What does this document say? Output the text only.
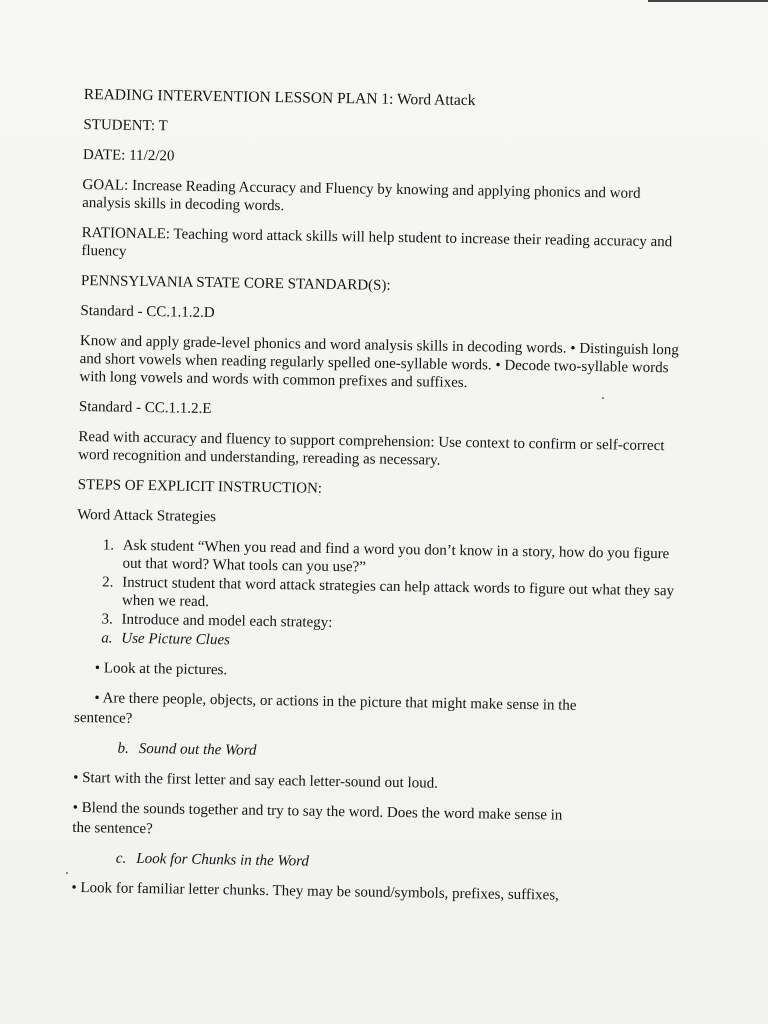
READING INTERVENTION LESSON PLAN 1: Word Attack

STUDENT: T

DATE: 11/2/20

GOAL: Increase Reading Accuracy and Fluency by knowing and applying phonics and word analysis skills in decoding words.

RATIONALE: Teaching word attack skills will help student to increase their reading accuracy and fluency

PENNSYLVANIA STATE CORE STANDARD(S):

Standard - CC.1.1.2.D

Know and apply grade-level phonics and word analysis skills in decoding words. • Distinguish long and short vowels when reading regularly spelled one-syllable words. • Decode two-syllable words with long vowels and words with common prefixes and suffixes.

Standard - CC.1.1.2.E

Read with accuracy and fluency to support comprehension: Use context to confirm or self-correct word recognition and understanding, rereading as necessary.

STEPS OF EXPLICIT INSTRUCTION:

Word Attack Strategies

1. Ask student “When you read and find a word you don’t know in a story, how do you figure out that word? What tools can you use?”
2. Instruct student that word attack strategies can help attack words to figure out what they say when we read.
3. Introduce and model each strategy:
a. Use Picture Clues

• Look at the pictures.

• Are there people, objects, or actions in the picture that might make sense in the

sentence?

b. Sound out the Word

• Start with the first letter and say each letter-sound out loud.

• Blend the sounds together and try to say the word. Does the word make sense in

the sentence?

c. Look for Chunks in the Word

• Look for familiar letter chunks. They may be sound/symbols, prefixes, suffixes,
